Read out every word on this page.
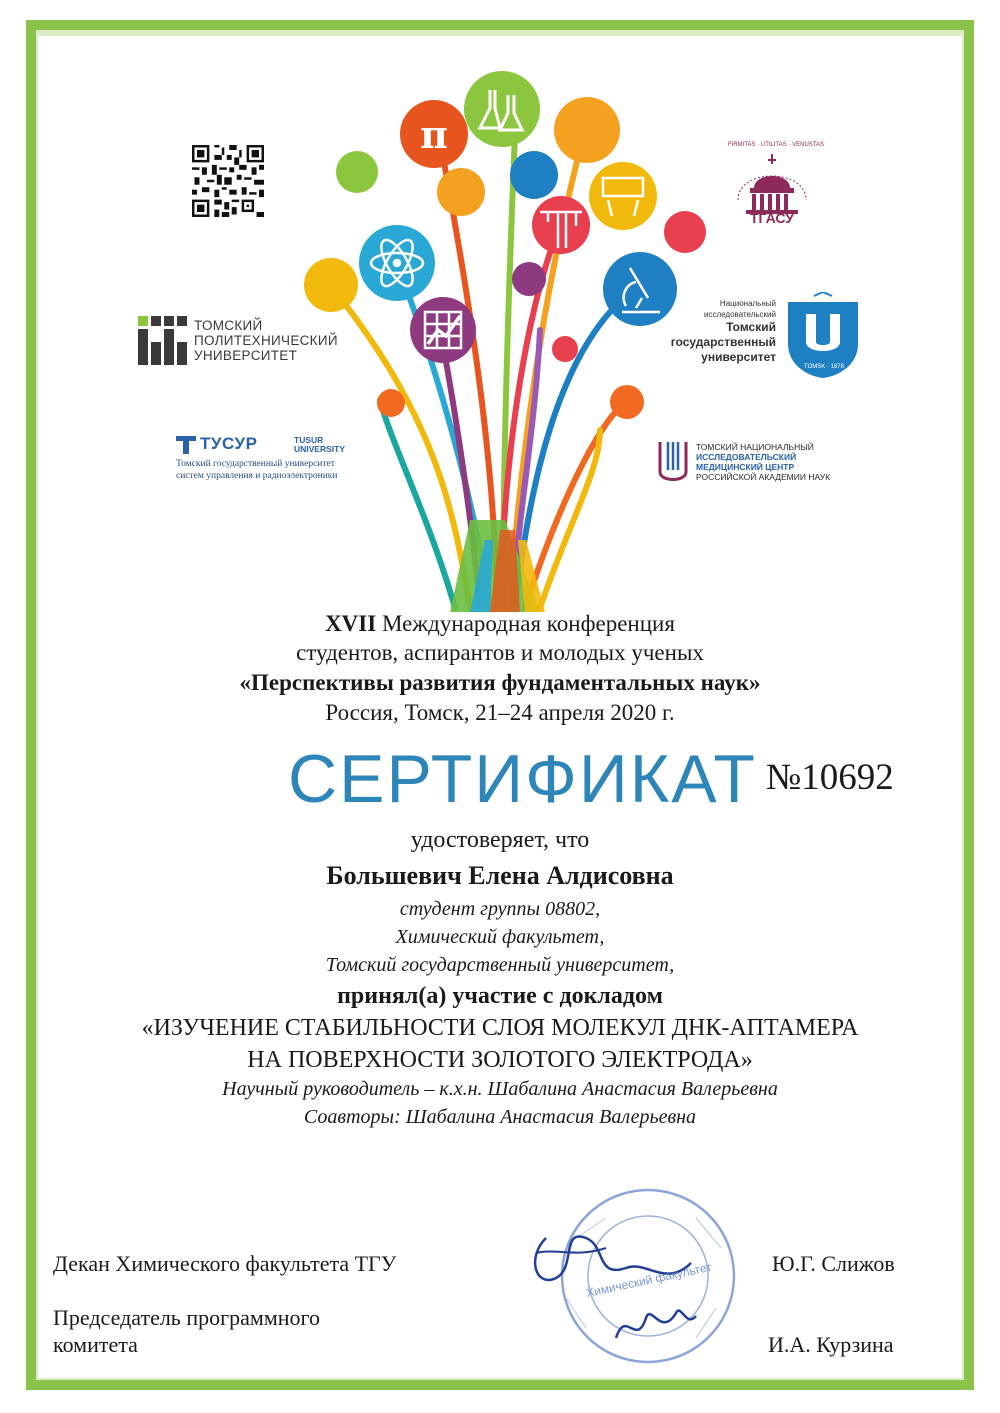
π
ТОМСКИЙ
ПОЛИТЕХНИЧЕСКИЙ
УНИВЕРСИТЕТ
ТУСУР	TUSUR
UNIVERSITY
Томский государственный университет
систем управления и радиоэлектроники
FIRMITAS · UTILITAS · VENUSTAS
ТГАСУ
Национальный
исследовательский
Томский
государственный
университет
TOMSK · 1878
ТОМСКИЙ НАЦИОНАЛЬНЫЙ
ИССЛЕДОВАТЕЛЬСКИЙ
МЕДИЦИНСКИЙ ЦЕНТР
РОССИЙСКОЙ АКАДЕМИИ НАУК
XVII Международная конференция
студентов, аспирантов и молодых ученых
«Перспективы развития фундаментальных наук»
Россия, Томск, 21–24 апреля 2020 г.
СЕРТИФИКАТ №10692
удостоверяет, что
Большевич Елена Алдисовна
студент группы 08802,
Химический факультет,
Томский государственный университет,
принял(а) участие с докладом
«ИЗУЧЕНИЕ СТАБИЛЬНОСТИ СЛОЯ МОЛЕКУЛ ДНК-АПТАМЕРА
НА ПОВЕРХНОСТИ ЗОЛОТОГО ЭЛЕКТРОДА»
Научный руководитель – к.х.н. Шабалина Анастасия Валерьевна
Соавторы: Шабалина Анастасия Валерьевна
Химический факультет
Декан Химического факультета ТГУ	Ю.Г. Слижов
Председатель программного
комитета	И.А. Курзина
